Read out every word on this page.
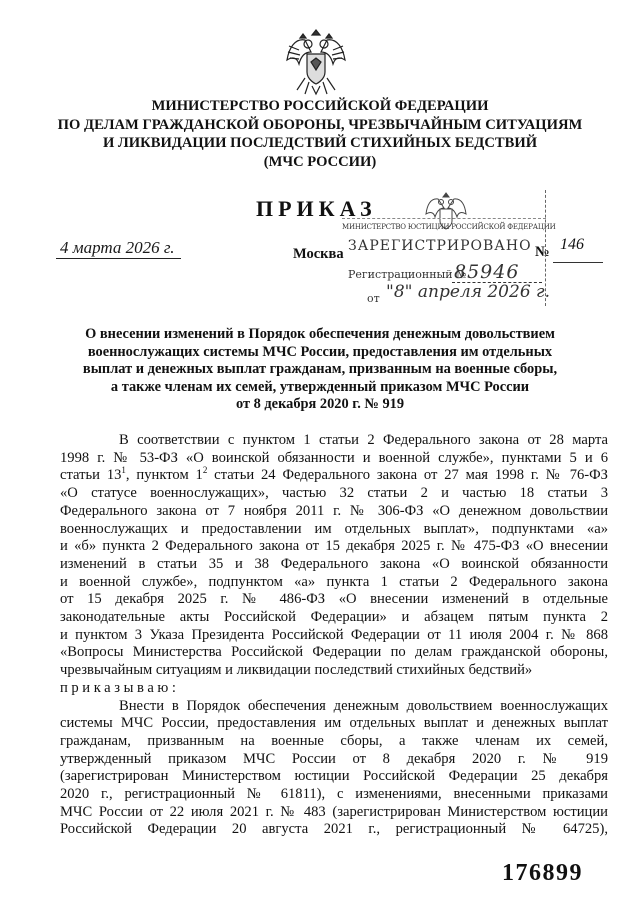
МИНИСТЕРСТВО РОССИЙСКОЙ ФЕДЕРАЦИИ
ПО ДЕЛАМ ГРАЖДАНСКОЙ ОБОРОНЫ, ЧРЕЗВЫЧАЙНЫМ СИТУАЦИЯМ
И ЛИКВИДАЦИИ ПОСЛЕДСТВИЙ СТИХИЙНЫХ БЕДСТВИЙ
(МЧС РОССИИ)
ПРИКАЗ
4 марта 2026 г.	Москва	№ 146
МИНИСТЕРСТВО ЮСТИЦИИ РОССИЙСКОЙ ФЕДЕРАЦИИ
ЗАРЕГИСТРИРОВАНО
Регистрационный №
85946
от "8" апреля 2026 г.
О внесении изменений в Порядок обеспечения денежным довольствием
военнослужащих системы МЧС России, предоставления им отдельных
выплат и денежных выплат гражданам, призванным на военные сборы,
а также членам их семей, утвержденный приказом МЧС России
от 8 декабря 2020 г. № 919
В соответствии с пунктом 1 статьи 2 Федерального закона от 28 марта
1998 г. № 53-ФЗ «О воинской обязанности и военной службе», пунктами 5 и 6
статьи $13^1$, пунктом $1^2$ статьи 24 Федерального закона от 27 мая 1998 г. № 76-ФЗ
«О статусе военнослужащих», частью 32 статьи 2 и частью 18 статьи 3
Федерального закона от 7 ноября 2011 г. № 306-ФЗ «О денежном довольствии
военнослужащих и предоставлении им отдельных выплат», подпунктами «а»
и «б» пункта 2 Федерального закона от 15 декабря 2025 г. № 475-ФЗ «О внесении
изменений в статьи 35 и 38 Федерального закона «О воинской обязанности
и военной службе», подпунктом «а» пункта 1 статьи 2 Федерального закона
от 15 декабря 2025 г. № 486-ФЗ «О внесении изменений в отдельные
законодательные акты Российской Федерации» и абзацем пятым пункта 2
и пунктом 3 Указа Президента Российской Федерации от 11 июля 2004 г. № 868
«Вопросы Министерства Российской Федерации по делам гражданской обороны,
чрезвычайным ситуациям и ликвидации последствий стихийных бедствий»
приказываю:
Внести в Порядок обеспечения денежным довольствием военнослужащих
системы МЧС России, предоставления им отдельных выплат и денежных выплат
гражданам, призванным на военные сборы, а также членам их семей,
утвержденный приказом МЧС России от 8 декабря 2020 г. № 919
(зарегистрирован Министерством юстиции Российской Федерации 25 декабря
2020 г., регистрационный № 61811), с изменениями, внесенными приказами
МЧС России от 22 июля 2021 г. № 483 (зарегистрирован Министерством юстиции
Российской Федерации 20 августа 2021 г., регистрационный № 64725),
176899
